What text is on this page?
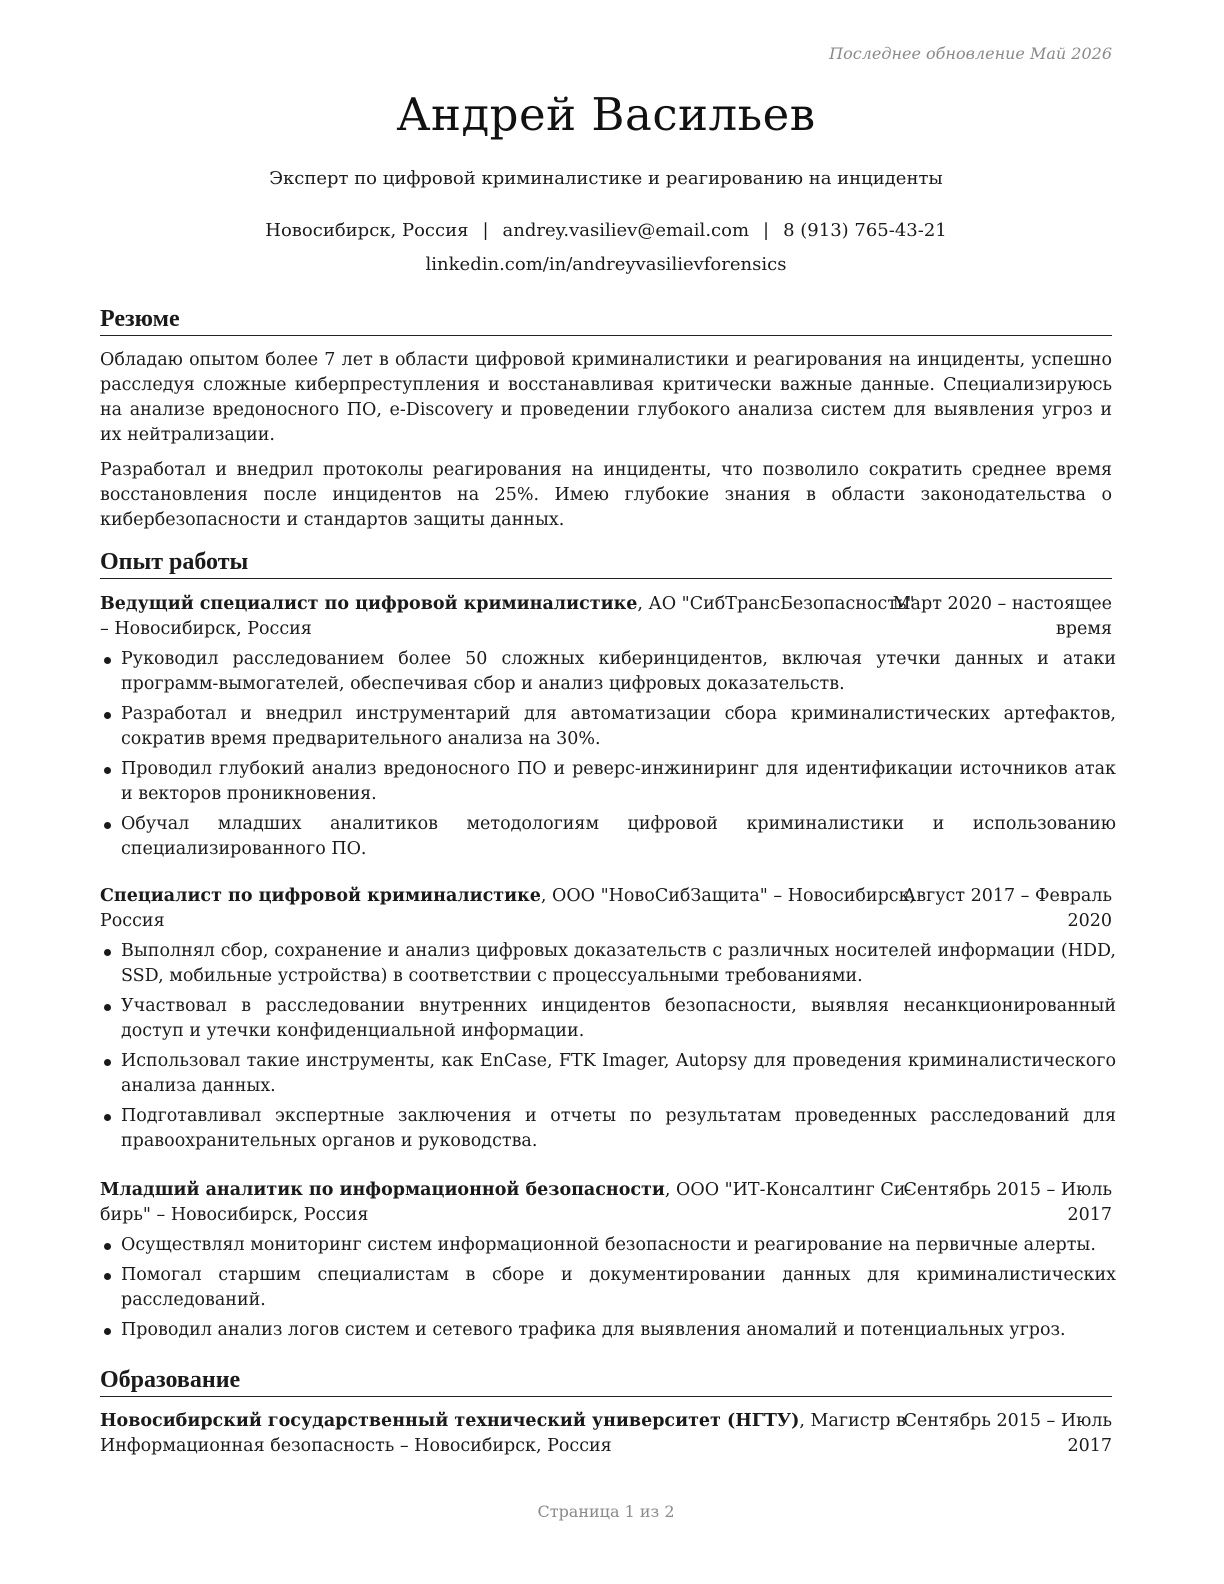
Последнее обновление Май 2026
Андрей Васильев
Эксперт по цифровой криминалистике и реагированию на инциденты
Новосибирск, Россия | andrey.vasiliev@email.com | 8 (913) 765-43-21
linkedin.com/in/andreyvasilievforensics
Резюме
Обладаю опытом более 7 лет в области цифровой криминалистики и реагирования на инциденты, успешно расследуя сложные киберпреступления и восстанавливая критически важные данные. Специализируюсь на анализе вредоносного ПО, e-Discovery и проведении глубокого анализа систем для выявления угроз и их нейтрализации.
Разработал и внедрил протоколы реагирования на инциденты, что позволило сократить среднее время восстановления после инцидентов на 25%. Имею глубокие знания в области законодательства о кибербезопасности и стандартов защиты данных.
Опыт работы
Ведущий специалист по цифровой криминалистике, АО "СибТрансБезопасность"
– Новосибирск, Россия
Март 2020 – настоящее
время
Руководил расследованием более 50 сложных киберинцидентов, включая утечки данных и атаки программ-вымогателей, обеспечивая сбор и анализ цифровых доказательств.
Разработал и внедрил инструментарий для автоматизации сбора криминалистических артефактов, сократив время предварительного анализа на 30%.
Проводил глубокий анализ вредоносного ПО и реверс-инжиниринг для идентификации источников атак и векторов проникновения.
Обучал младших аналитиков методологиям цифровой криминалистики и использованию специализированного ПО.
Специалист по цифровой криминалистике, ООО "НовоСибЗащита" – Новосибирск,
Россия
Август 2017 – Февраль
2020
Выполнял сбор, сохранение и анализ цифровых доказательств с различных носителей информации (HDD, SSD, мобильные устройства) в соответствии с процессуальными требованиями.
Участвовал в расследовании внутренних инцидентов безопасности, выявляя несанкционированный доступ и утечки конфиденциальной информации.
Использовал такие инструменты, как EnCase, FTK Imager, Autopsy для проведения криминалистического анализа данных.
Подготавливал экспертные заключения и отчеты по результатам проведенных расследований для правоохранительных органов и руководства.
Младший аналитик по информационной безопасности, ООО "ИТ-Консалтинг Си-
бирь" – Новосибирск, Россия
Сентябрь 2015 – Июль
2017
Осуществлял мониторинг систем информационной безопасности и реагирование на первичные алерты.
Помогал старшим специалистам в сборе и документировании данных для криминалистических расследований.
Проводил анализ логов систем и сетевого трафика для выявления аномалий и потенциальных угроз.
Образование
Новосибирский государственный технический университет (НГТУ), Магистр в
Информационная безопасность – Новосибирск, Россия
Сентябрь 2015 – Июль
2017
Страница 1 из 2
